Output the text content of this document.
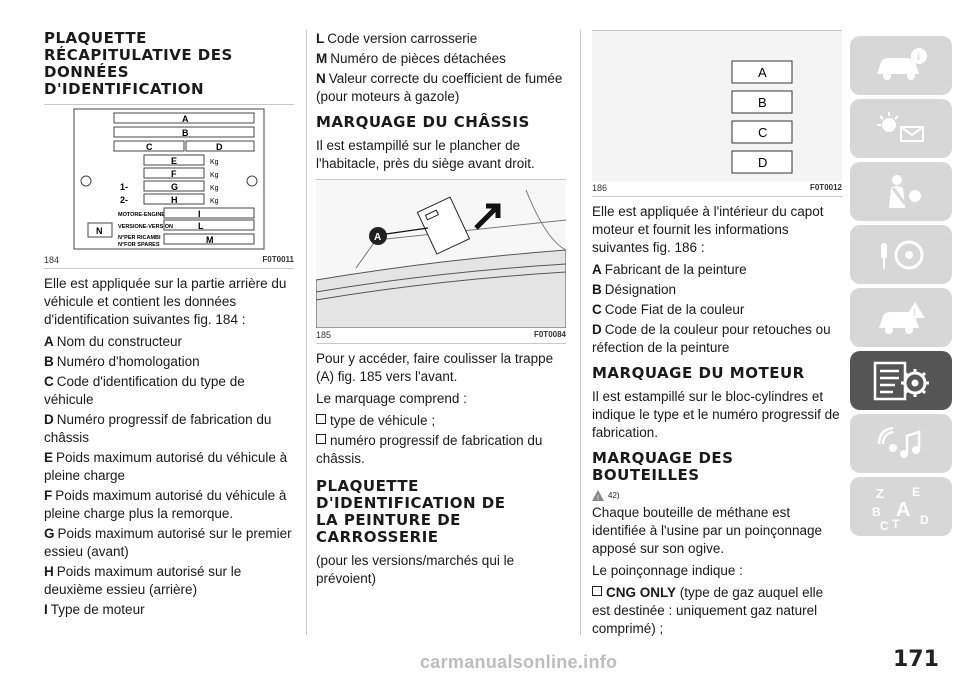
PLAQUETTE RÉCAPITULATIVE DES DONNÉES D'IDENTIFICATION
A
B
C	D
E	Kg
F	Kg
1-	G	Kg
2-	H	Kg
MOTORE-ENGINE	I
VERSIONE-VERSION	L
N
N°PER RICAMBI
N°FOR SPARES	M
184	F0T0011

Elle est appliquée sur la partie arrière du véhicule et contient les données d'identification suivantes fig. 184 :

A Nom du constructeur
B Numéro d'homologation
C Code d'identification du type de véhicule
D Numéro progressif de fabrication du châssis
E Poids maximum autorisé du véhicule à pleine charge
F Poids maximum autorisé du véhicule à pleine charge plus la remorque.
G Poids maximum autorisé sur le premier essieu (avant)
H Poids maximum autorisé sur le deuxième essieu (arrière)
I Type de moteur
L Code version carrosserie
M Numéro de pièces détachées
N Valeur correcte du coefficient de fumée (pour moteurs à gazole)
MARQUAGE DU CHÂSSIS

Il est estampillé sur le plancher de l'habitacle, près du siège avant droit.

A
185	F0T0084

Pour y accéder, faire coulisser la trappe (A) fig. 185 vers l'avant.

Le marquage comprend :

type de véhicule ;
numéro progressif de fabrication du châssis.
PLAQUETTE D'IDENTIFICATION DE LA PEINTURE DE CARROSSERIE

(pour les versions/marchés qui le prévoient)

A
B
C
D
186	F0T0012

Elle est appliquée à l'intérieur du capot moteur et fournit les informations suivantes fig. 186 :

A Fabricant de la peinture
B Désignation
C Code Fiat de la couleur
D Code de la couleur pour retouches ou réfection de la peinture
MARQUAGE DU MOTEUR

Il est estampillé sur le bloc-cylindres et indique le type et le numéro progressif de fabrication.

MARQUAGE DES BOUTEILLES
! 42)

Chaque bouteille de méthane est identifiée à l'usine par un poinçonnage apposé sur son ogive.

Le poinçonnage indique :

CNG ONLY (type de gaz auquel elle est destinée : uniquement gaz naturel comprimé) ;
i
!
Z E
B A
C T D
171
carmanualsonline.info
